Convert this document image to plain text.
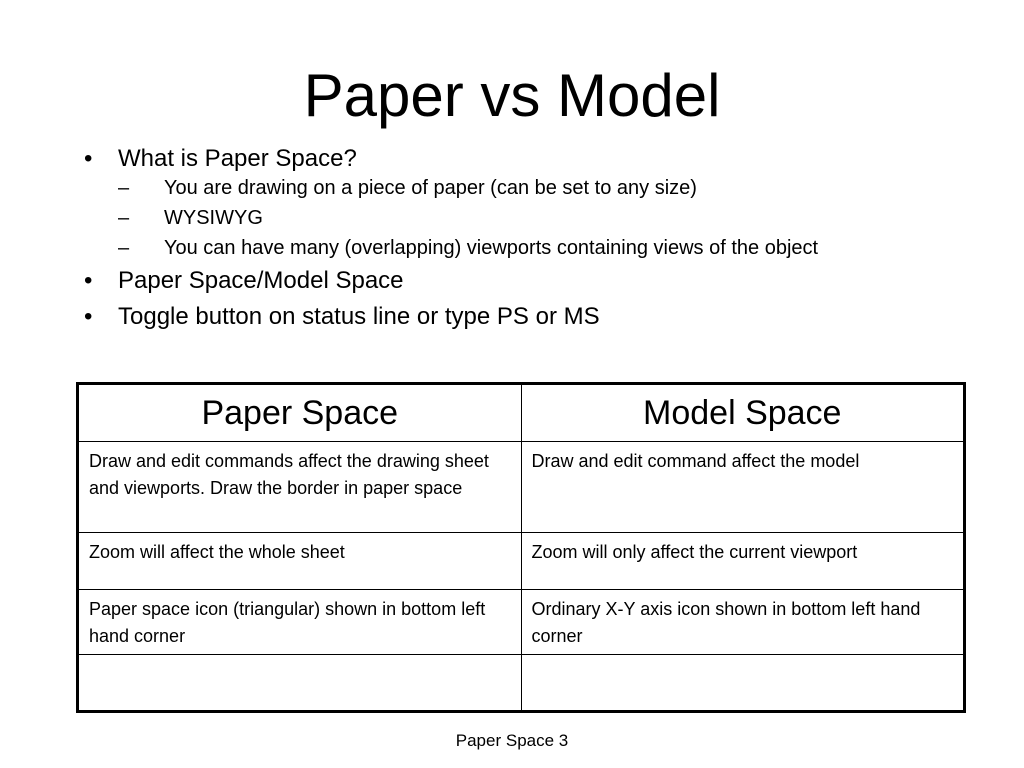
Paper vs Model
• What is Paper Space?
– You are drawing on a piece of paper (can be set to any size)
– WYSIWYG
– You can have many (overlapping) viewports containing views of the object
• Paper Space/Model Space
• Toggle button on status line or type PS or MS
Paper Space	Model Space
Draw and edit commands affect the drawing sheet and viewports. Draw the border in paper space	Draw and edit command affect the model
Zoom will affect the whole sheet	Zoom will only affect the current viewport
Paper space icon (triangular) shown in bottom left hand corner	Ordinary X-Y axis icon shown in bottom left hand corner

Paper Space 3
